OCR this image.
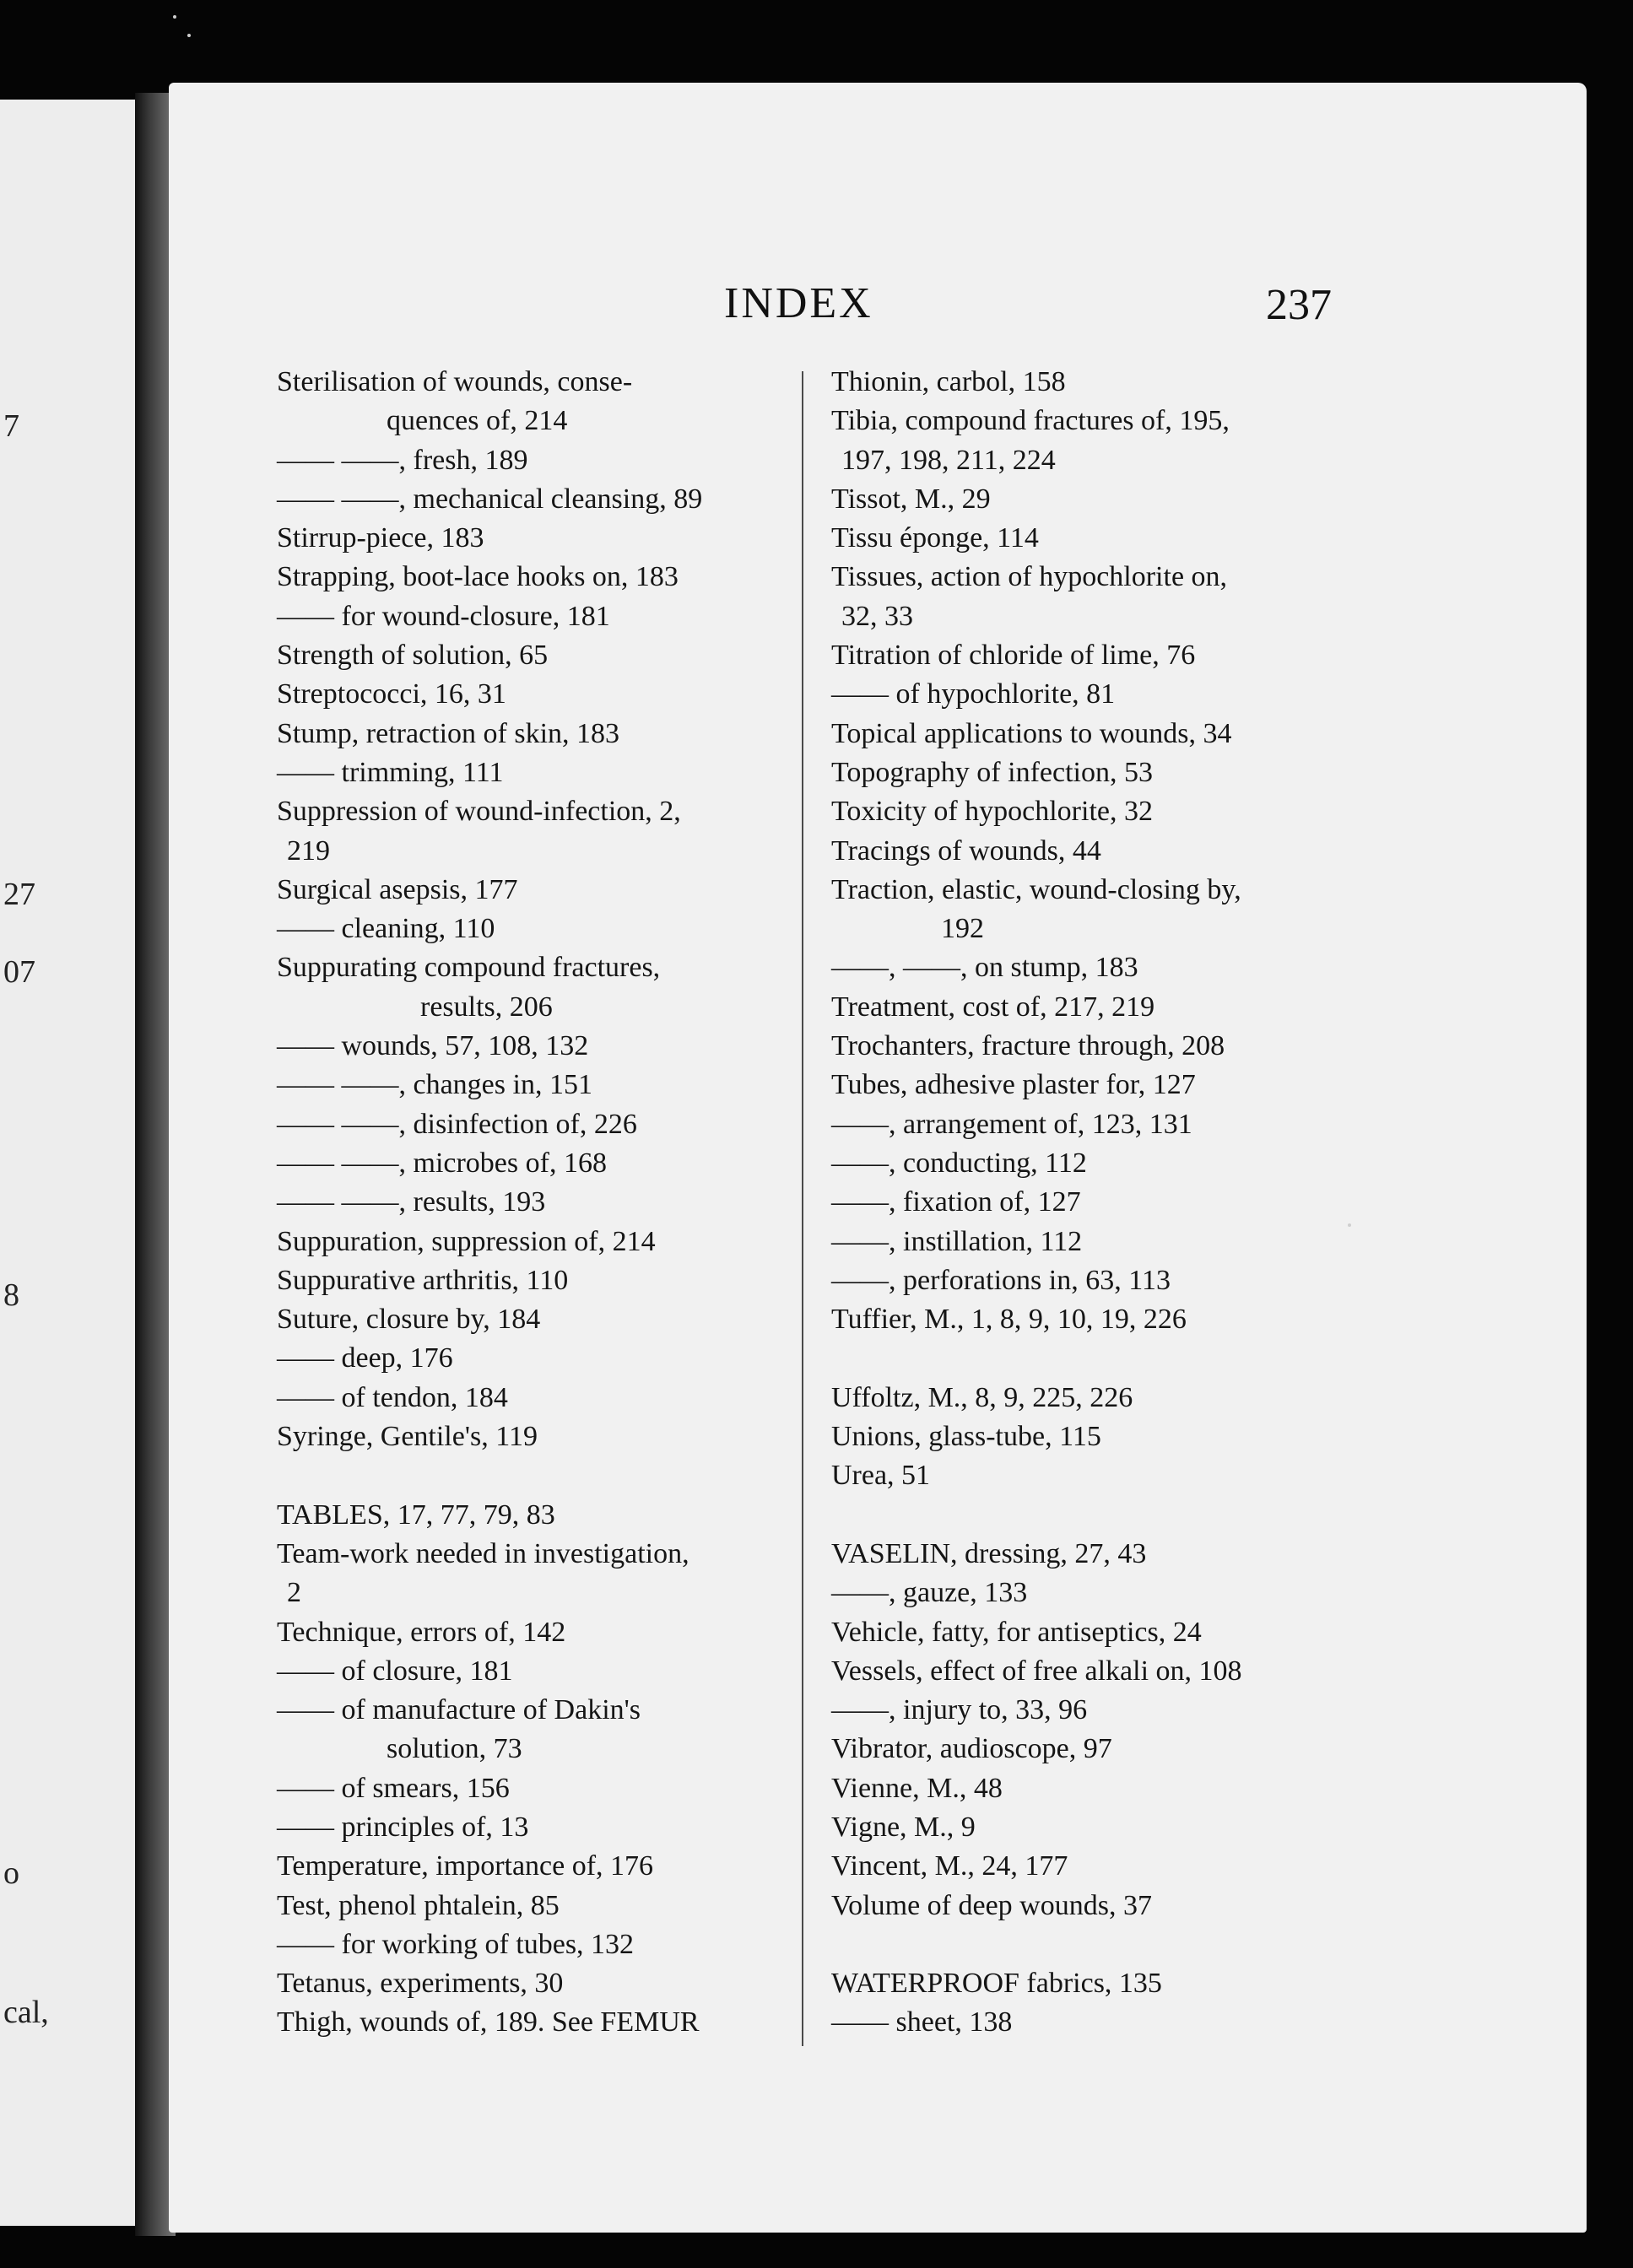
7

27

07

8

o

cal,

INDEX	237

Sterilisation of wounds, conse-
quences of, 214
—— ——, fresh, 189
—— ——, mechanical cleansing, 89
Stirrup-piece, 183
Strapping, boot-lace hooks on, 183
—— for wound-closure, 181
Strength of solution, 65
Streptococci, 16, 31
Stump, retraction of skin, 183
—— trimming, 111
Suppression of wound-infection, 2,
219
Surgical asepsis, 177
—— cleaning, 110
Suppurating compound fractures,
results, 206
—— wounds, 57, 108, 132
—— ——, changes in, 151
—— ——, disinfection of, 226
—— ——, microbes of, 168
—— ——, results, 193
Suppuration, suppression of, 214
Suppurative arthritis, 110
Suture, closure by, 184
—— deep, 176
—— of tendon, 184
Syringe, Gentile's, 119
TABLES, 17, 77, 79, 83
Team-work needed in investigation,
2
Technique, errors of, 142
—— of closure, 181
—— of manufacture of Dakin's
solution, 73
—— of smears, 156
—— principles of, 13
Temperature, importance of, 176
Test, phenol phtalein, 85
—— for working of tubes, 132
Tetanus, experiments, 30
Thigh, wounds of, 189. See FEMUR
Thionin, carbol, 158
Tibia, compound fractures of, 195,
197, 198, 211, 224
Tissot, M., 29
Tissu éponge, 114
Tissues, action of hypochlorite on,
32, 33
Titration of chloride of lime, 76
—— of hypochlorite, 81
Topical applications to wounds, 34
Topography of infection, 53
Toxicity of hypochlorite, 32
Tracings of wounds, 44
Traction, elastic, wound-closing by,
192
——, ——, on stump, 183
Treatment, cost of, 217, 219
Trochanters, fracture through, 208
Tubes, adhesive plaster for, 127
——, arrangement of, 123, 131
——, conducting, 112
——, fixation of, 127
——, instillation, 112
——, perforations in, 63, 113
Tuffier, M., 1, 8, 9, 10, 19, 226
Uffoltz, M., 8, 9, 225, 226
Unions, glass-tube, 115
Urea, 51
VASELIN, dressing, 27, 43
——, gauze, 133
Vehicle, fatty, for antiseptics, 24
Vessels, effect of free alkali on, 108
——, injury to, 33, 96
Vibrator, audioscope, 97
Vienne, M., 48
Vigne, M., 9
Vincent, M., 24, 177
Volume of deep wounds, 37
WATERPROOF fabrics, 135
—— sheet, 138
